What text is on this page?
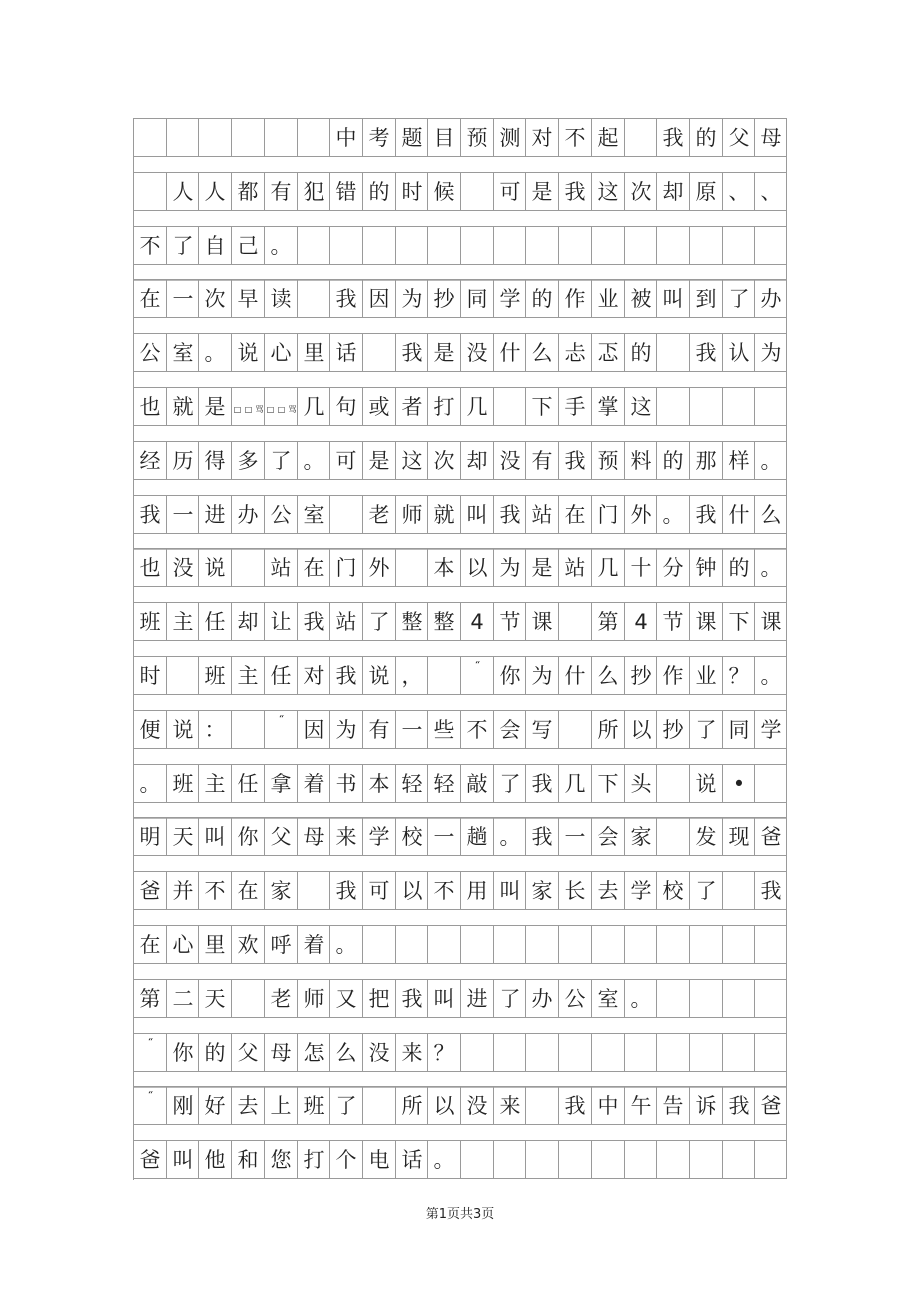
中 考 题 目 预 测 对 不 起 我 的 父 母
人 人 都 有 犯 错 的 时 候 可 是 我 这 次 却 原 、 、
不 了 自 己 。
在 一 次 早 读 我 因 为 抄 同 学 的 作 业 被 叫 到 了 办
公 室 。 说 心 里 话 我 是 没 什 么 忐 忑 的 我 认 为
也 就 是	□ □ 骂 □ □ 骂 几 句 或 者 打 几 下 手 掌 这
经 历 得 多 了 。 可 是 这 次 却 没 有 我 预 料 的 那 样 。
我 一 进 办 公 室 老 师 就 叫 我 站 在 门 外 。 我 什 么
也 没 说 站 在 门 外 本 以 为 是 站 几 十 分 钟 的 。
班 主 任 却 让 我 站 了 整 整 4 节 课 第 4 节 课 下 课
时 班 主 任 对 我 说 ，	“ 你 为 什 么 抄 作 业 ？ 。
便 说 ：	“ 因 为 有 一 些 不 会 写 所 以 抄 了 同 学
。 班 主 任 拿 着 书 本 轻 轻 敲 了 我 几 下 头 说 •
明 天 叫 你 父 母 来 学 校 一 趟 。 我 一 会 家 发 现 爸
爸 并 不 在 家 我 可 以 不 用 叫 家 长 去 学 校 了 我
在 心 里 欢 呼 着 。
第 二 天 老 师 又 把 我 叫 进 了 办 公 室 。
“ 你 的 父 母 怎 么 没 来 ？
“ 刚 好 去 上 班 了 所 以 没 来 我 中 午 告 诉 我 爸
爸 叫 他 和 您 打 个 电 话 。
第1页共3页
